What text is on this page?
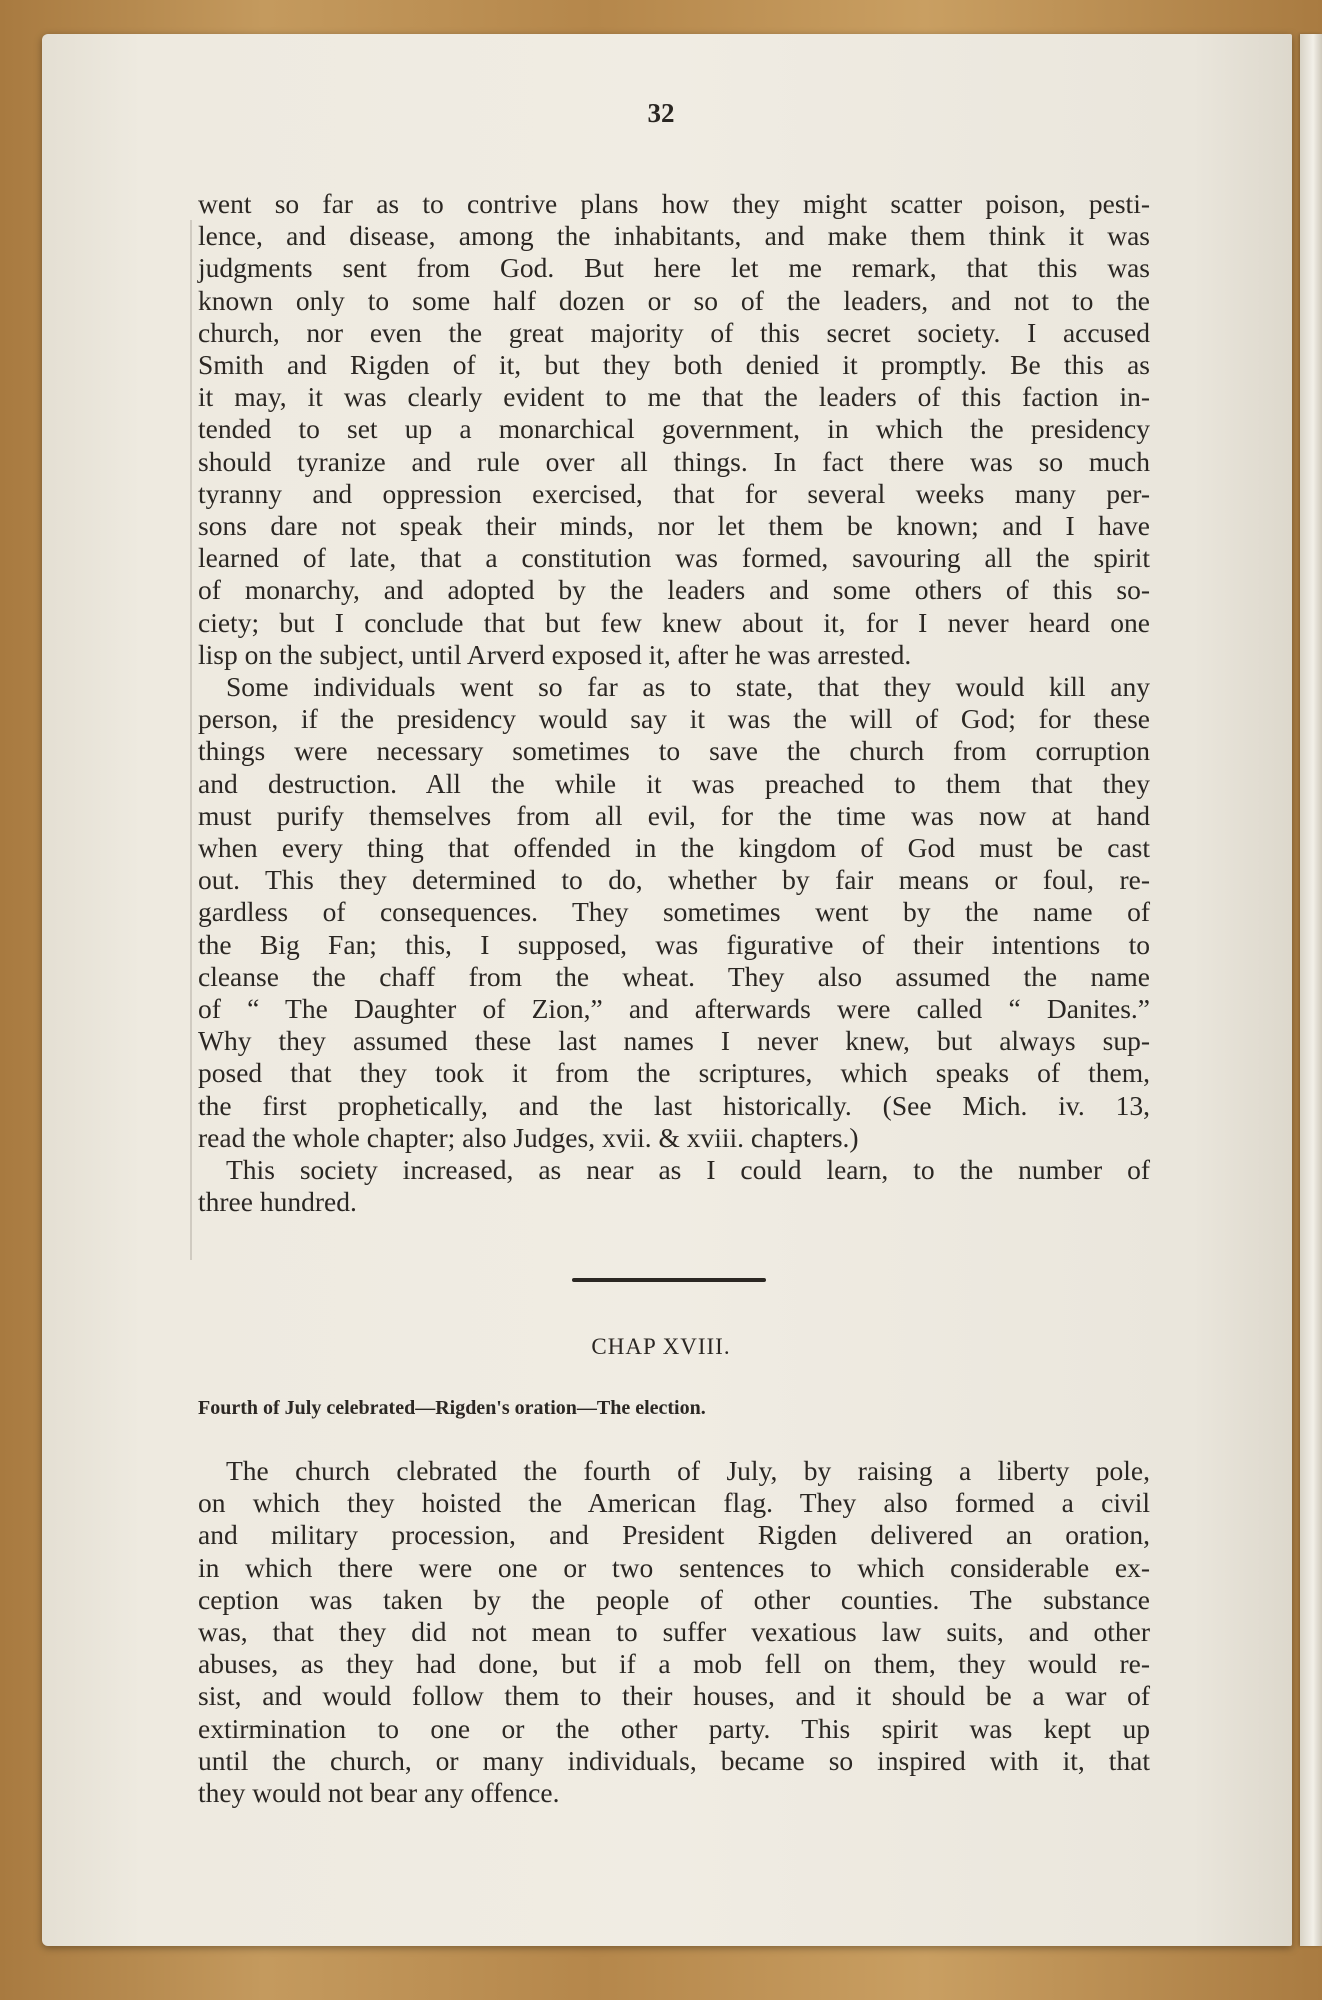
32

went so far as to contrive plans how they might scatter poison, pesti-
lence, and disease, among the inhabitants, and make them think it was
judgments sent from God. But here let me remark, that this was
known only to some half dozen or so of the leaders, and not to the
church, nor even the great majority of this secret society. I accused
Smith and Rigden of it, but they both denied it promptly. Be this as
it may, it was clearly evident to me that the leaders of this faction in-
tended to set up a monarchical government, in which the presidency
should tyranize and rule over all things. In fact there was so much
tyranny and oppression exercised, that for several weeks many per-
sons dare not speak their minds, nor let them be known; and I have
learned of late, that a constitution was formed, savouring all the spirit
of monarchy, and adopted by the leaders and some others of this so-
ciety; but I conclude that but few knew about it, for I never heard one
lisp on the subject, until Arverd exposed it, after he was arrested.

Some individuals went so far as to state, that they would kill any
person, if the presidency would say it was the will of God; for these
things were necessary sometimes to save the church from corruption
and destruction. All the while it was preached to them that they
must purify themselves from all evil, for the time was now at hand
when every thing that offended in the kingdom of God must be cast
out. This they determined to do, whether by fair means or foul, re-
gardless of consequences. They sometimes went by the name of
the Big Fan; this, I supposed, was figurative of their intentions to
cleanse the chaff from the wheat. They also assumed the name
of “ The Daughter of Zion,” and afterwards were called “ Danites.”
Why they assumed these last names I never knew, but always sup-
posed that they took it from the scriptures, which speaks of them,
the first prophetically, and the last historically. (See Mich. iv. 13,
read the whole chapter; also Judges, xvii. & xviii. chapters.)

This society increased, as near as I could learn, to the number of
three hundred.

CHAP XVIII.
Fourth of July celebrated—Rigden's oration—The election.

The church clebrated the fourth of July, by raising a liberty pole,
on which they hoisted the American flag. They also formed a civil
and military procession, and President Rigden delivered an oration,
in which there were one or two sentences to which considerable ex-
ception was taken by the people of other counties. The substance
was, that they did not mean to suffer vexatious law suits, and other
abuses, as they had done, but if a mob fell on them, they would re-
sist, and would follow them to their houses, and it should be a war of
extirmination to one or the other party. This spirit was kept up
until the church, or many individuals, became so inspired with it, that
they would not bear any offence.
